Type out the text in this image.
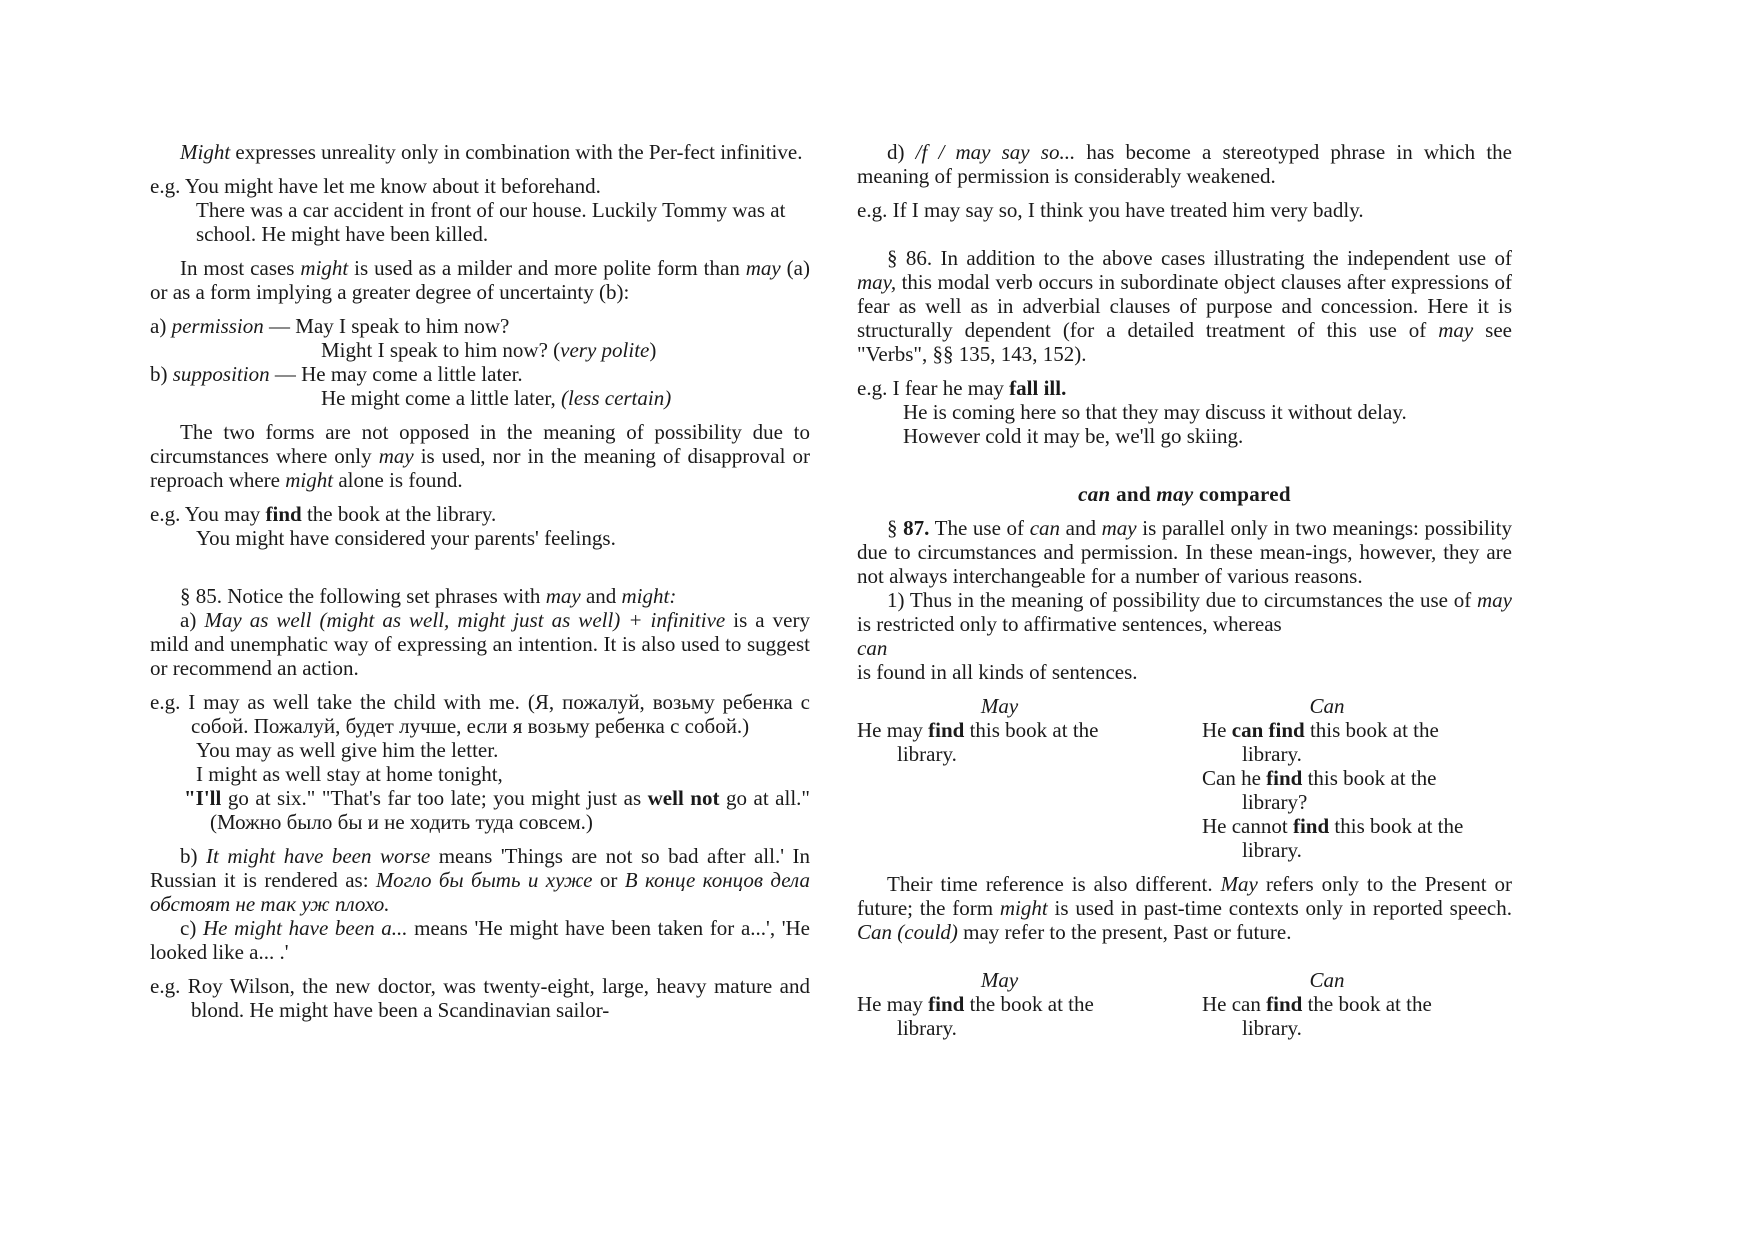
Might expresses unreality only in combination with the Per-fect infinitive.

e.g. You might have let me know about it beforehand.

There was a car accident in front of our house. Luckily Tommy was at school. He might have been killed.

In most cases might is used as a milder and more polite form than may (a) or as a form implying a greater degree of uncertainty (b):

a) permission — May I speak to him now?

Might I speak to him now? (very polite)

b) supposition — He may come a little later.

He might come a little later, (less certain)

The two forms are not opposed in the meaning of possibility due to circumstances where only may is used, nor in the meaning of disapproval or reproach where might alone is found.

e.g. You may find the book at the library.

You might have considered your parents' feelings.

§ 85. Notice the following set phrases with may and might:

a) May as well (might as well, might just as well) + infinitive is a very mild and unemphatic way of expressing an intention. It is also used to suggest or recommend an action.

e.g. I may as well take the child with me. (Я, пожалуй, возьму ребенка с собой. Пожалуй, будет лучше, если я возьму ребенка с собой.)

You may as well give him the letter.

I might as well stay at home tonight,

"I'll go at six." "That's far too late; you might just as well not go at all." (Можно было бы и не ходить туда совсем.)

b) It might have been worse means 'Things are not so bad after all.' In Russian it is rendered as: Могло бы быть и хуже or В конце концов дела обстоят не так уж плохо.

c) He might have been a... means 'He might have been taken for a...', 'He looked like a... .'

e.g. Roy Wilson, the new doctor, was twenty-eight, large, heavy mature and blond. He might have been a Scandinavian sailor-

d) /f / may say so... has become a stereotyped phrase in which the meaning of permission is considerably weakened.

e.g. If I may say so, I think you have treated him very badly.

§ 86. In addition to the above cases illustrating the independent use of may, this modal verb occurs in subordinate object clauses after expressions of fear as well as in adverbial clauses of purpose and concession. Here it is structurally dependent (for a detailed treatment of this use of may see "Verbs", §§ 135, 143, 152).

e.g. I fear he may fall ill.

He is coming here so that they may discuss it without delay.

However cold it may be, we'll go skiing.

can and may compared

§ 87. The use of can and may is parallel only in two meanings: possibility due to circumstances and permission. In these mean-ings, however, they are not always interchangeable for a number of various reasons.

1) Thus in the meaning of possibility due to circumstances the use of may is restricted only to affirmative sentences, whereas
can

is found in all kinds of sentences.

May

He may find this book at the library.

Can

He can find this book at the library.

Can he find this book at the library?

He cannot find this book at the library.

Their time reference is also different. May refers only to the Present or future; the form might is used in past-time contexts only in reported speech. Can (could) may refer to the present, Past or future.

May

He may find the book at the library.

Can

He can find the book at the library.
